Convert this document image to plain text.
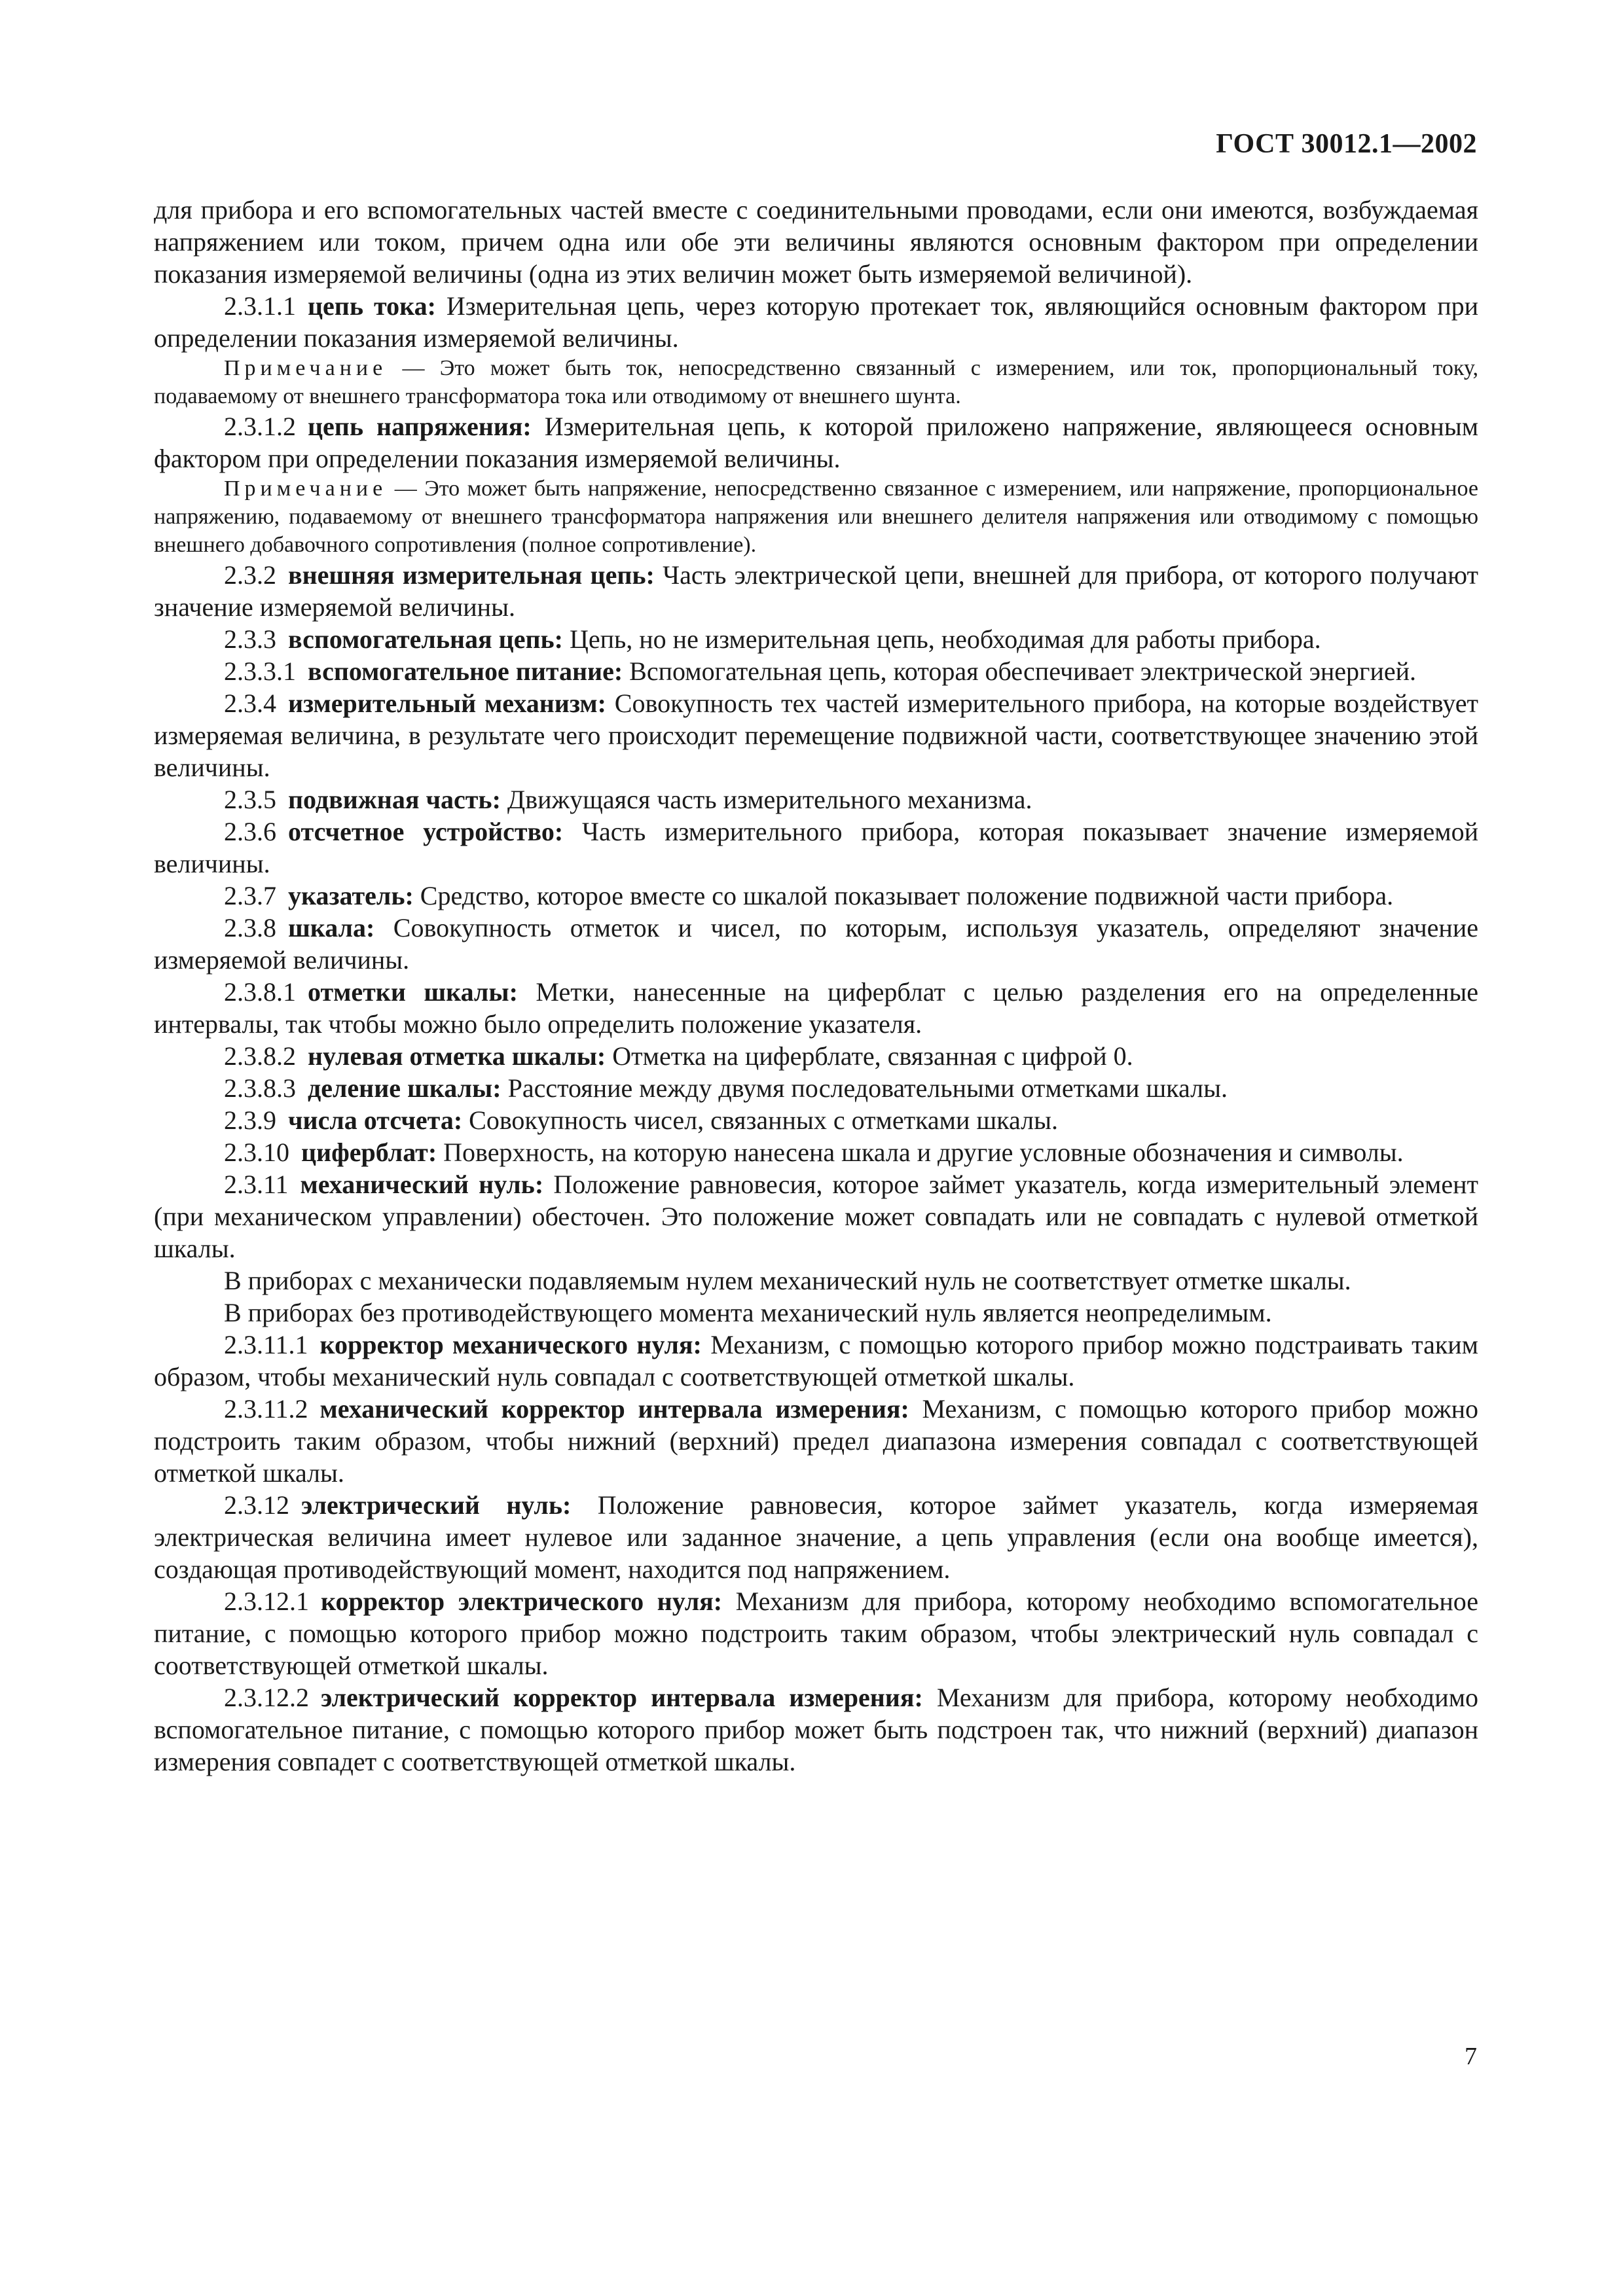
ГОСТ 30012.1—2002

для прибора и его вспомогательных частей вместе с соединительными проводами, если они имеются, возбуждаемая напряжением или током, причем одна или обе эти величины являются основным фактором при определении показания измеряемой величины (одна из этих величин может быть измеряемой величиной).

2.3.1.1 цепь тока: Измерительная цепь, через которую протекает ток, являющийся основным фактором при определении показания измеряемой величины.

Примечание — Это может быть ток, непосредственно связанный с измерением, или ток, пропорциональный току, подаваемому от внешнего трансформатора тока или отводимому от внешнего шунта.

2.3.1.2 цепь напряжения: Измерительная цепь, к которой приложено напряжение, являющееся основным фактором при определении показания измеряемой величины.

Примечание — Это может быть напряжение, непосредственно связанное с измерением, или напряжение, пропорциональное напряжению, подаваемому от внешнего трансформатора напряжения или внешнего делителя напряжения или отводимому с помощью внешнего добавочного сопротивления (полное сопротивление).

2.3.2 внешняя измерительная цепь: Часть электрической цепи, внешней для прибора, от которого получают значение измеряемой величины.

2.3.3 вспомогательная цепь: Цепь, но не измерительная цепь, необходимая для работы прибора.

2.3.3.1 вспомогательное питание: Вспомогательная цепь, которая обеспечивает электрической энергией.

2.3.4 измерительный механизм: Совокупность тех частей измерительного прибора, на которые воздействует измеряемая величина, в результате чего происходит перемещение подвижной части, соответствующее значению этой величины.

2.3.5 подвижная часть: Движущаяся часть измерительного механизма.

2.3.6 отсчетное устройство: Часть измерительного прибора, которая показывает значение измеряемой величины.

2.3.7 указатель: Средство, которое вместе со шкалой показывает положение подвижной части прибора.

2.3.8 шкала: Совокупность отметок и чисел, по которым, используя указатель, определяют значение измеряемой величины.

2.3.8.1 отметки шкалы: Метки, нанесенные на циферблат с целью разделения его на определенные интервалы, так чтобы можно было определить положение указателя.

2.3.8.2 нулевая отметка шкалы: Отметка на циферблате, связанная с цифрой 0.

2.3.8.3 деление шкалы: Расстояние между двумя последовательными отметками шкалы.

2.3.9 числа отсчета: Совокупность чисел, связанных с отметками шкалы.

2.3.10 циферблат: Поверхность, на которую нанесена шкала и другие условные обозначения и символы.

2.3.11 механический нуль: Положение равновесия, которое займет указатель, когда измерительный элемент (при механическом управлении) обесточен. Это положение может совпадать или не совпадать с нулевой отметкой шкалы.

В приборах с механически подавляемым нулем механический нуль не соответствует отметке шкалы.

В приборах без противодействующего момента механический нуль является неопределимым.

2.3.11.1 корректор механического нуля: Механизм, с помощью которого прибор можно подстраивать таким образом, чтобы механический нуль совпадал с соответствующей отметкой шкалы.

2.3.11.2 механический корректор интервала измерения: Механизм, с помощью которого прибор можно подстроить таким образом, чтобы нижний (верхний) предел диапазона измерения совпадал с соответствующей отметкой шкалы.

2.3.12 электрический нуль: Положение равновесия, которое займет указатель, когда измеряемая электрическая величина имеет нулевое или заданное значение, а цепь управления (если она вообще имеется), создающая противодействующий момент, находится под напряжением.

2.3.12.1 корректор электрического нуля: Механизм для прибора, которому необходимо вспомогательное питание, с помощью которого прибор можно подстроить таким образом, чтобы электрический нуль совпадал с соответствующей отметкой шкалы.

2.3.12.2 электрический корректор интервала измерения: Механизм для прибора, которому необходимо вспомогательное питание, с помощью которого прибор может быть подстроен так, что нижний (верхний) диапазон измерения совпадет с соответствующей отметкой шкалы.

7
